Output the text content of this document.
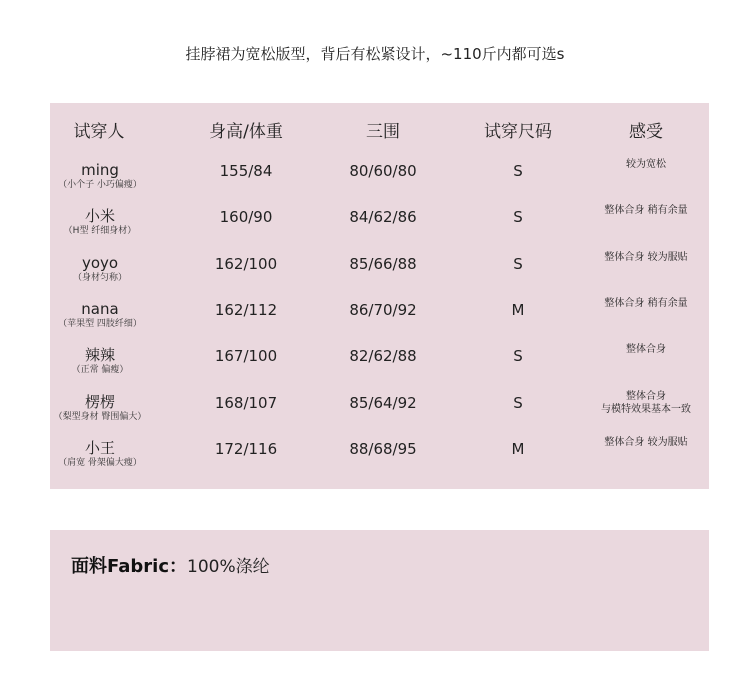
挂脖裙为宽松版型，背后有松紧设计，~110斤内都可选s
试穿人	身高/体重	三围	试穿尺码	感受
ming
（小个子 小巧偏瘦）
155/84	80/60/80	S	较为宽松
小米
（H型 纤细身材）
160/90	84/62/86	S	整体合身 稍有余量
yoyo
（身材匀称）
162/100	85/66/88	S	整体合身 较为服贴
nana
（苹果型 四肢纤细）
162/112	86/70/92	M	整体合身 稍有余量
辣辣
（正常 偏瘦）
167/100	82/62/88	S	整体合身
楞楞
（梨型身材 臀围偏大）
168/107	85/64/92	S	整体合身
与模特效果基本一致
小王
（肩宽 骨架偏大瘦）
172/116	88/68/95	M	整体合身 较为服贴
面料Fabric：100%涤纶
